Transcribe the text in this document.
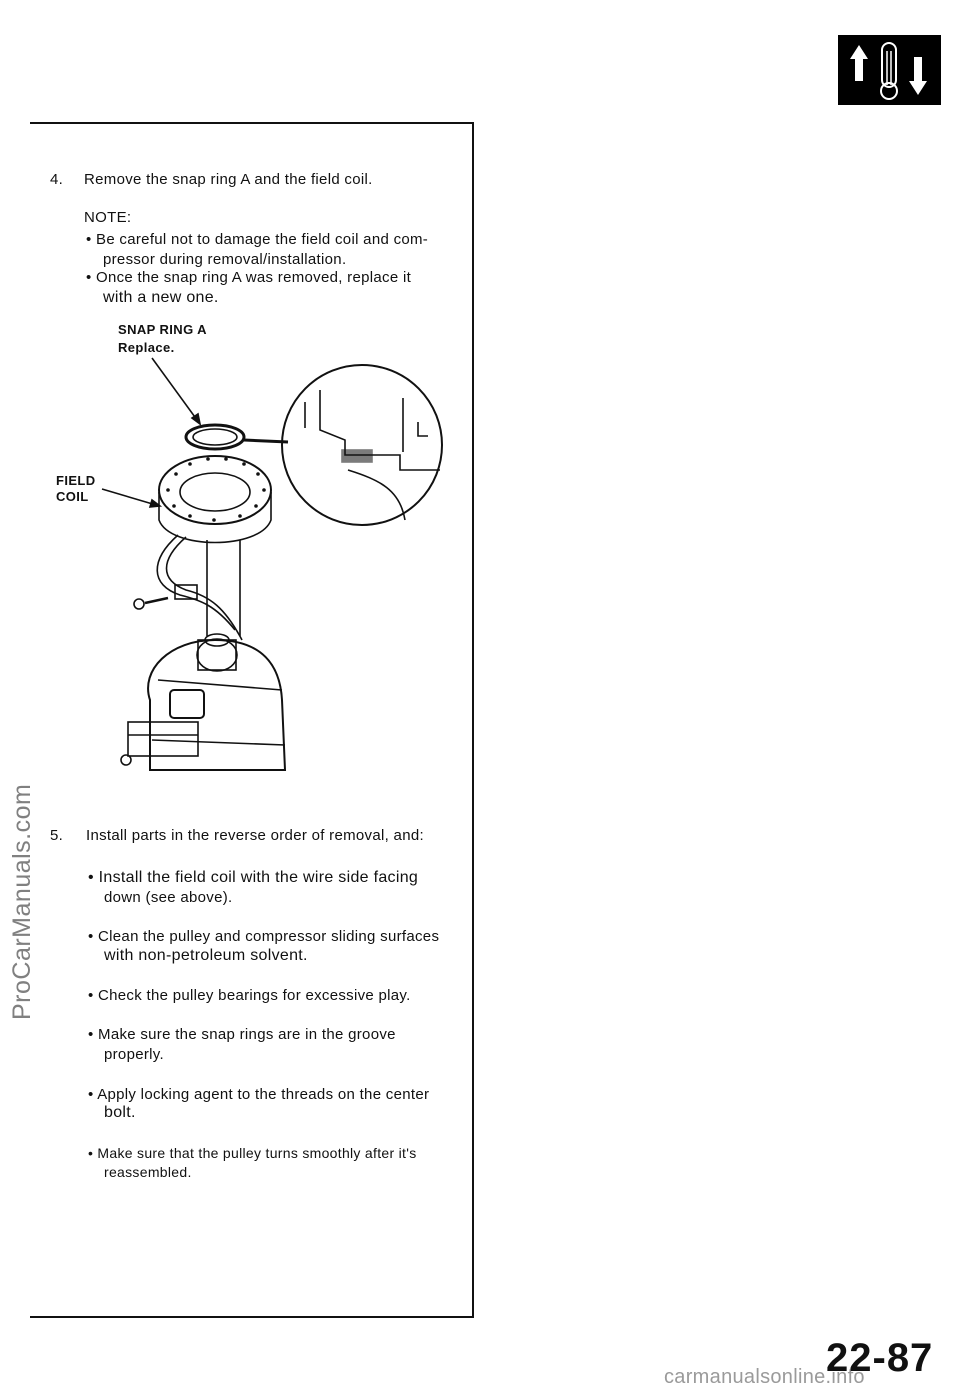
4. Remove the snap ring A and the field coil.
NOTE:
• Be careful not to damage the field coil and com-
pressor during removal/installation.
• Once the snap ring A was removed, replace it
with a new one.
SNAP RING A
Replace.
FIELD
COIL
5. Install parts in the reverse order of removal, and:
• Install the field coil with the wire side facing
down (see above).
• Clean the pulley and compressor sliding surfaces
with non-petroleum solvent.
• Check the pulley bearings for excessive play.
• Make sure the snap rings are in the groove
properly.
• Apply locking agent to the threads on the center
bolt.
• Make sure that the pulley turns smoothly after it's
reassembled.
ProCarManuals.com
carmanualsonline.info
22-87
